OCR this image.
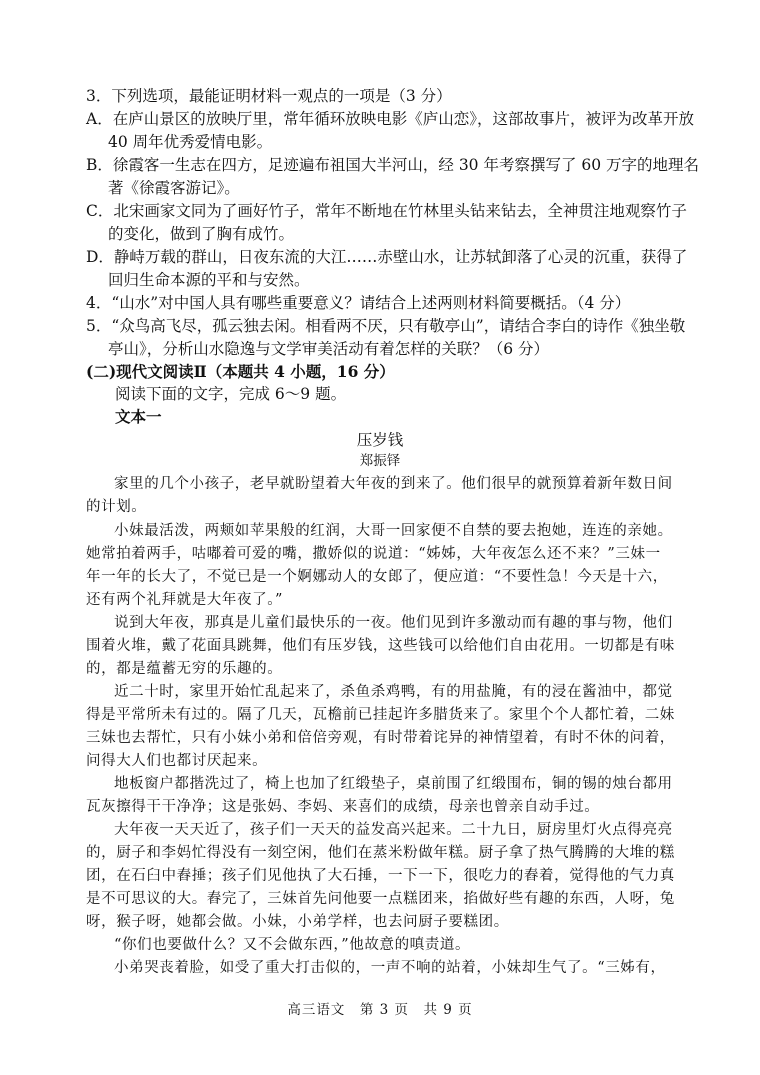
3．下列选项，最能证明材料一观点的一项是（3 分）
A．在庐山景区的放映厅里，常年循环放映电影《庐山恋》，这部故事片，被评为改革开放
40 周年优秀爱情电影。
B．徐霞客一生志在四方，足迹遍布祖国大半河山，经 30 年考察撰写了 60 万字的地理名
著《徐霞客游记》。
C．北宋画家文同为了画好竹子，常年不断地在竹林里头钻来钻去，全神贯注地观察竹子
的变化，做到了胸有成竹。
D．静峙万载的群山，日夜东流的大江……赤壁山水，让苏轼卸落了心灵的沉重，获得了
回归生命本源的平和与安然。
4．“山水”对中国人具有哪些重要意义？请结合上述两则材料简要概括。（4 分）
5．“众鸟高飞尽，孤云独去闲。相看两不厌，只有敬亭山”，请结合李白的诗作《独坐敬
亭山》，分析山水隐逸与文学审美活动有着怎样的关联？（6 分）
(二)现代文阅读Ⅱ（本题共 4 小题，16 分）
阅读下面的文字，完成 6～9 题。
文本一
压岁钱
郑振铎
家里的几个小孩子，老早就盼望着大年夜的到来了。他们很早的就预算着新年数日间
的计划。
小妹最活泼，两颊如苹果般的红润，大哥一回家便不自禁的要去抱她，连连的亲她。
她常拍着两手，咕嘟着可爱的嘴，撒娇似的说道：“姊姊，大年夜怎么还不来？”三妹一
年一年的长大了，不觉已是一个婀娜动人的女郎了，便应道：“不要性急！今天是十六，
还有两个礼拜就是大年夜了。”
说到大年夜，那真是儿童们最快乐的一夜。他们见到许多激动而有趣的事与物，他们
围着火堆，戴了花面具跳舞，他们有压岁钱，这些钱可以给他们自由花用。一切都是有味
的，都是蕴蓄无穷的乐趣的。
近二十时，家里开始忙乱起来了，杀鱼杀鸡鸭，有的用盐腌，有的浸在酱油中，都觉
得是平常所未有过的。隔了几天，瓦檐前已挂起许多腊货来了。家里个个人都忙着，二妹
三妹也去帮忙，只有小妹小弟和倍倍旁观，有时带着诧异的神情望着，有时不休的问着，
问得大人们也都讨厌起来。
地板窗户都揩洗过了，椅上也加了红缎垫子，桌前围了红缎围布，铜的锡的烛台都用
瓦灰擦得干干净净；这是张妈、李妈、来喜们的成绩，母亲也曾亲自动手过。
大年夜一天天近了，孩子们一天天的益发高兴起来。二十九日，厨房里灯火点得亮亮
的，厨子和李妈忙得没有一刻空闲，他们在蒸米粉做年糕。厨子拿了热气腾腾的大堆的糕
团，在石臼中舂捶；孩子们见他执了大石捶，一下一下，很吃力的舂着，觉得他的气力真
是不可思议的大。舂完了，三妹首先问他要一点糕团来，掐做好些有趣的东西，人呀，兔
呀，猴子呀，她都会做。小妹，小弟学样，也去问厨子要糕团。
“你们也要做什么？又不会做东西，”他故意的嗔责道。
小弟哭丧着脸，如受了重大打击似的，一声不响的站着，小妹却生气了。“三姊有，
高三语文　第 3 页　共 9 页
